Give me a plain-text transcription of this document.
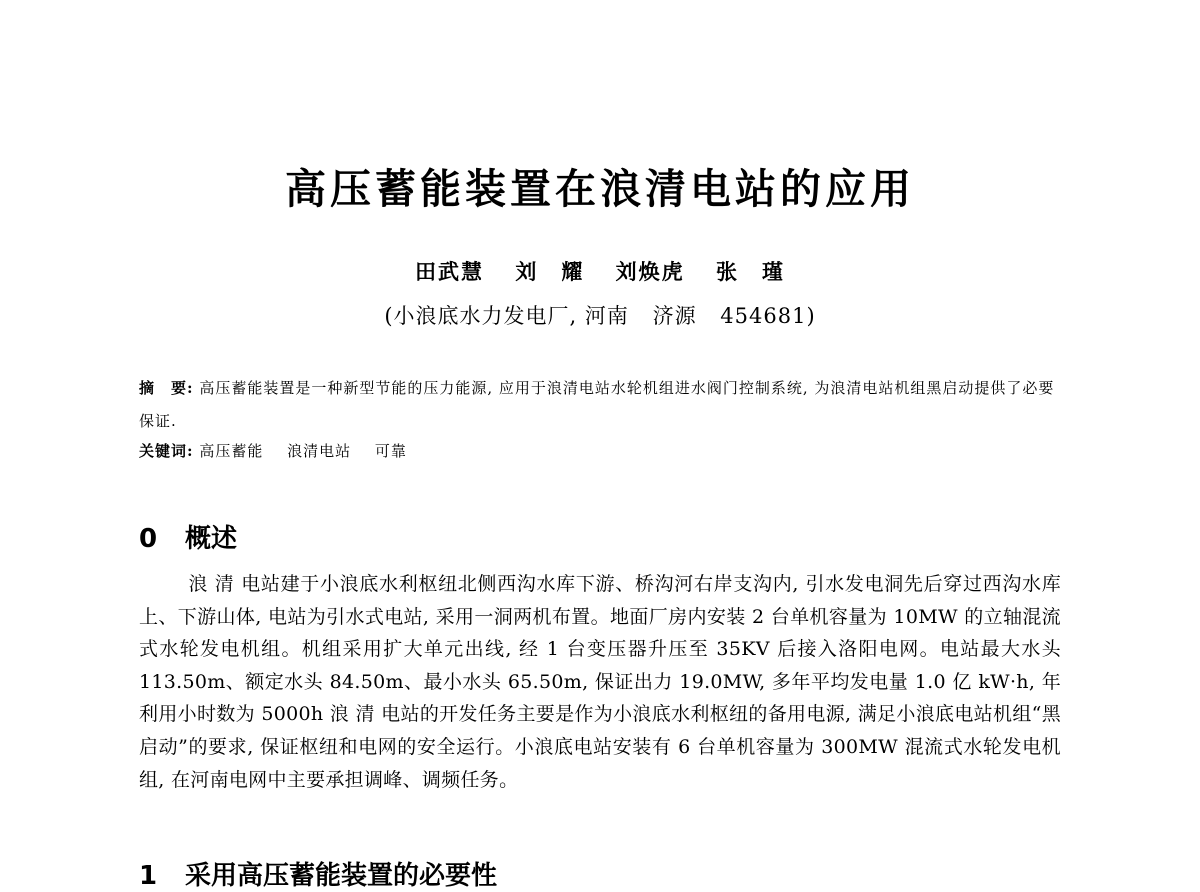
高压蓄能装置在浪清电站的应用
田武慧 刘　耀 刘焕虎 张　瑾
(小浪底水力发电厂, 河南 济源 454681)
摘　要: 高压蓄能装置是一种新型节能的压力能源, 应用于浪清电站水轮机组进水阀门控制系统, 为浪清电站机组黑启动提供了必要保证.
关键词: 高压蓄能 浪清电站 可靠
0 概述

浪 清 电站建于小浪底水利枢纽北侧西沟水库下游、桥沟河右岸支沟内, 引水发电洞先后穿过西沟水库上、下游山体, 电站为引水式电站, 采用一洞两机布置。地面厂房内安装 2 台单机容量为 10MW 的立轴混流式水轮发电机组。机组采用扩大单元出线, 经 1 台变压器升压至 35KV 后接入洛阳电网。电站最大水头 113.50m、额定水头 84.50m、最小水头 65.50m, 保证出力 19.0MW, 多年平均发电量 1.0 亿 kW·h, 年利用小时数为 5000h 浪 清 电站的开发任务主要是作为小浪底水利枢纽的备用电源, 满足小浪底电站机组“黑启动”的要求, 保证枢纽和电网的安全运行。小浪底电站安装有 6 台单机容量为 300MW 混流式水轮发电机组, 在河南电网中主要承担调峰、调频任务。

1 采用高压蓄能装置的必要性
